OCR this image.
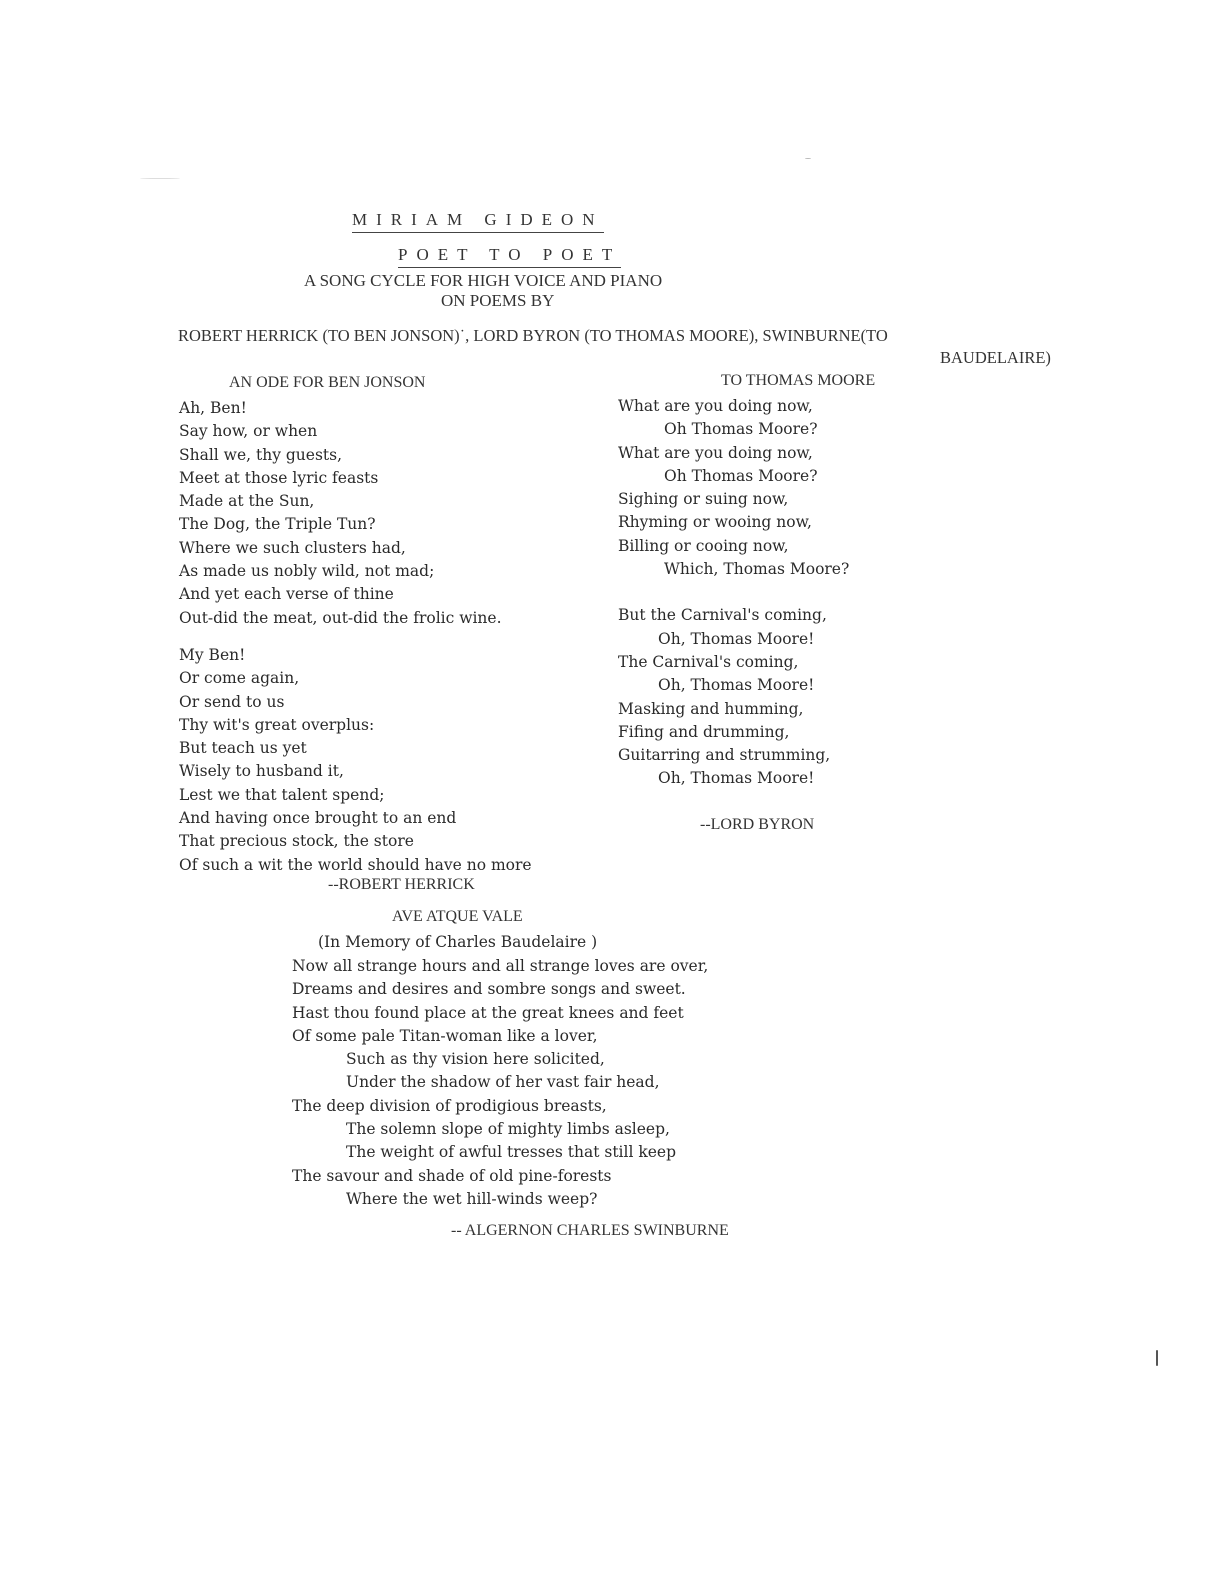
MIRIAM GIDEON
POET TO POET
A SONG CYCLE FOR HIGH VOICE AND PIANO
ON POEMS BY
ROBERT HERRICK (TO BEN JONSON)˙, LORD BYRON (TO THOMAS MOORE), SWINBURNE(TO
BAUDELAIRE)
AN ODE FOR BEN JONSON
Ah, Ben!
Say how, or when
Shall we, thy guests,
Meet at those lyric feasts
Made at the Sun,
The Dog, the Triple Tun?
Where we such clusters had,
As made us nobly wild, not mad;
And yet each verse of thine
Out-did the meat, out-did the frolic wine.
My Ben!
Or come again,
Or send to us
Thy wit's great overplus:
But teach us yet
Wisely to husband it,
Lest we that talent spend;
And having once brought to an end
That precious stock, the store
Of such a wit the world should have no more
--ROBERT HERRICK
TO THOMAS MOORE
What are you doing now,
Oh Thomas Moore?
What are you doing now,
Oh Thomas Moore?
Sighing or suing now,
Rhyming or wooing now,
Billing or cooing now,
Which, Thomas Moore?
But the Carnival's coming,
Oh, Thomas Moore!
The Carnival's coming,
Oh, Thomas Moore!
Masking and humming,
Fifing and drumming,
Guitarring and strumming,
Oh, Thomas Moore!
--LORD BYRON
AVE ATQUE VALE
(In Memory of Charles Baudelaire )
Now all strange hours and all strange loves are over,
Dreams and desires and sombre songs and sweet.
Hast thou found place at the great knees and feet
Of some pale Titan-woman like a lover,
Such as thy vision here solicited,
Under the shadow of her vast fair head,
The deep division of prodigious breasts,
The solemn slope of mighty limbs asleep,
The weight of awful tresses that still keep
The savour and shade of old pine-forests
Where the wet hill-winds weep?
-- ALGERNON CHARLES SWINBURNE
